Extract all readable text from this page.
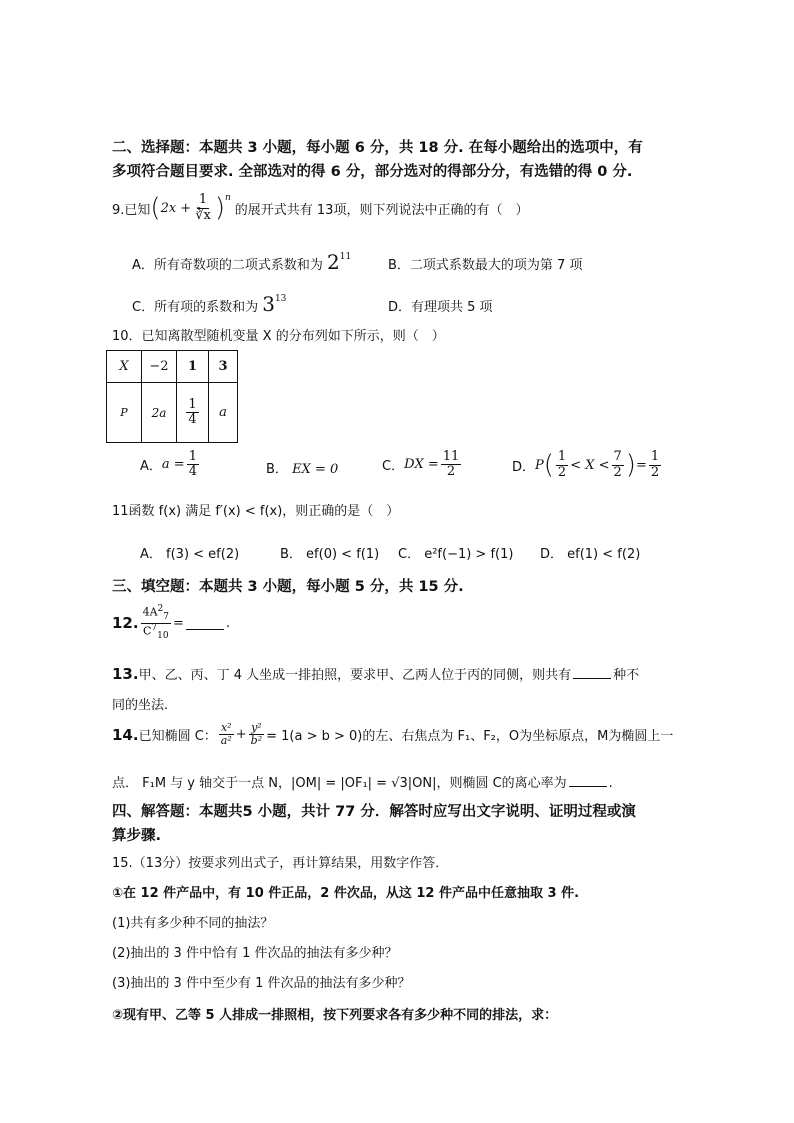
二、选择题：本题共 3 小题，每小题 6 分，共 18 分. 在每小题给出的选项中，有
多项符合题目要求. 全部选对的得 6 分，部分选对的得部分分，有选错的得 0 分.
9.已知 ( $2x + \frac{1}{∛x} )^n$
的展开式共有 13项，则下列说法中正确的有（　）
A．所有奇数项的二项式系数和为 $2^{11}$
B．二项式系数最大的项为第 7 项
C．所有项的系数和为 $3^{13}$
D．有理项共 5 项
10．已知离散型随机变量 X 的分布列如下所示，则（　）
X	−2	1	3
P	2a	$\frac{1}{4}$	a
A． $a = \frac{1}{4}$	B． EX = 0	C． DX = $\frac{11}{2}$	D． P ( $\frac{1}{2} < X < \frac{7}{2}$ ) = $\frac{1}{2}$
11函数 f(x) 满足 f′(x) < f(x)，则正确的是（　）
A． f(3) < ef(2)	B． ef(0) < f(1) C． e²f(−1) > f(1) D． ef(1) < f(2)
三、填空题：本题共 3 小题，每小题 5 分，共 15 分.
12. $\frac{4A^2_7}{C^7_{10}}$ =	.
13.甲、乙、丙、丁 4 人坐成一排拍照，要求甲、乙两人位于丙的同侧，则共有	种不
同的坐法.
14. 已知椭圆 C： $\frac{\text{x²}}{\text{a²}} + \frac{\text{y²}}{\text{b²}} = 1(a > b > 0)$的左、右焦点为 F₁、F₂，O为坐标原点，M为椭圆上一
点． F₁M 与 y 轴交于一点 N，|OM| = |OF₁| = √3|ON|，则椭圆 C的离心率为	.
四、解答题：本题共5 小题，共计 77 分．解答时应写出文字说明、证明过程或演
算步骤.
15.（13分）按要求列出式子，再计算结果，用数字作答．
①在 12 件产品中，有 10 件正品，2 件次品，从这 12 件产品中任意抽取 3 件.
(1)共有多少种不同的抽法？
(2)抽出的 3 件中恰有 1 件次品的抽法有多少种？
(3)抽出的 3 件中至少有 1 件次品的抽法有多少种？
②现有甲、乙等 5 人排成一排照相，按下列要求各有多少种不同的排法，求：
